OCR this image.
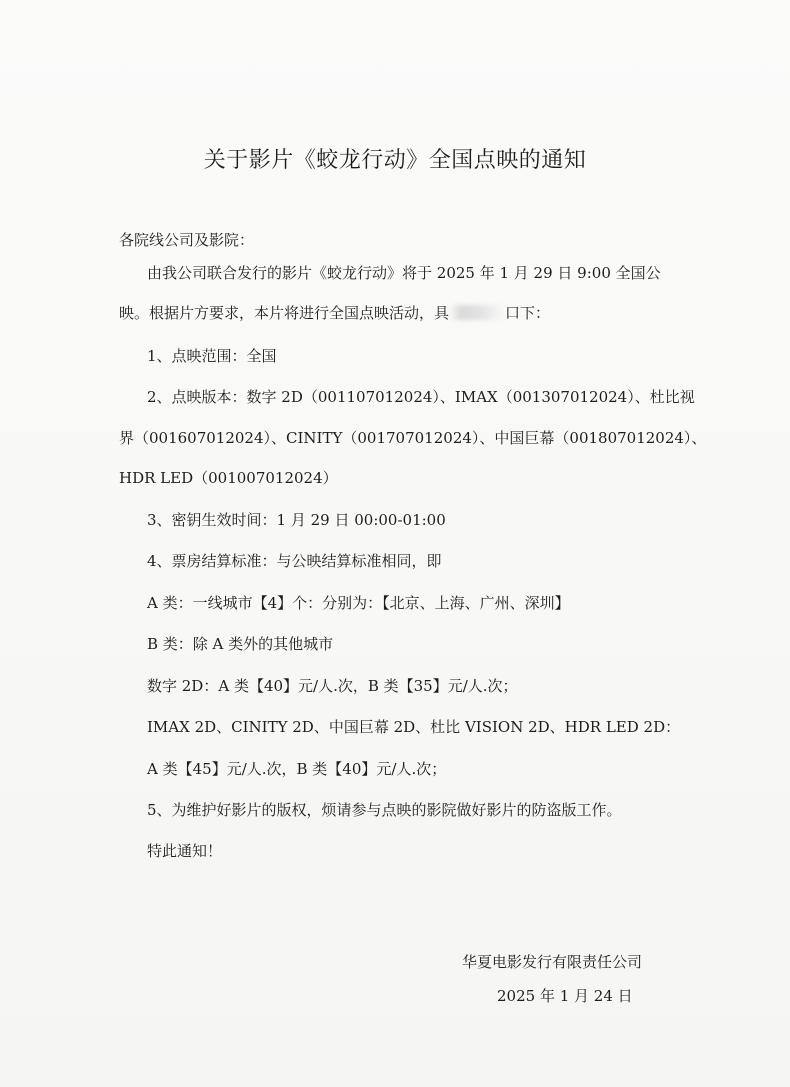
关于影片《蛟龙行动》全国点映的通知
各院线公司及影院：
由我公司联合发行的影片《蛟龙行动》将于 2025 年 1 月 29 日 9:00 全国公
映。根据片方要求，本片将进行全国点映活动，具	口下：
1、点映范围：全国
2、点映版本：数字 2D（001107012024）、IMAX（001307012024）、杜比视
界（001607012024）、CINITY（001707012024）、中国巨幕（001807012024）、
HDR LED（001007012024）
3、密钥生效时间：1 月 29 日 00:00-01:00
4、票房结算标准：与公映结算标准相同，即
A 类：一线城市【4】个：分别为：【北京、上海、广州、深圳】
B 类：除 A 类外的其他城市
数字 2D：A 类【40】元/人.次，B 类【35】元/人.次；
IMAX 2D、CINITY 2D、中国巨幕 2D、杜比 VISION 2D、HDR LED 2D：
A 类【45】元/人.次，B 类【40】元/人.次；
5、为维护好影片的版权，烦请参与点映的影院做好影片的防盗版工作。
特此通知！
华夏电影发行有限责任公司
2025 年 1 月 24 日
